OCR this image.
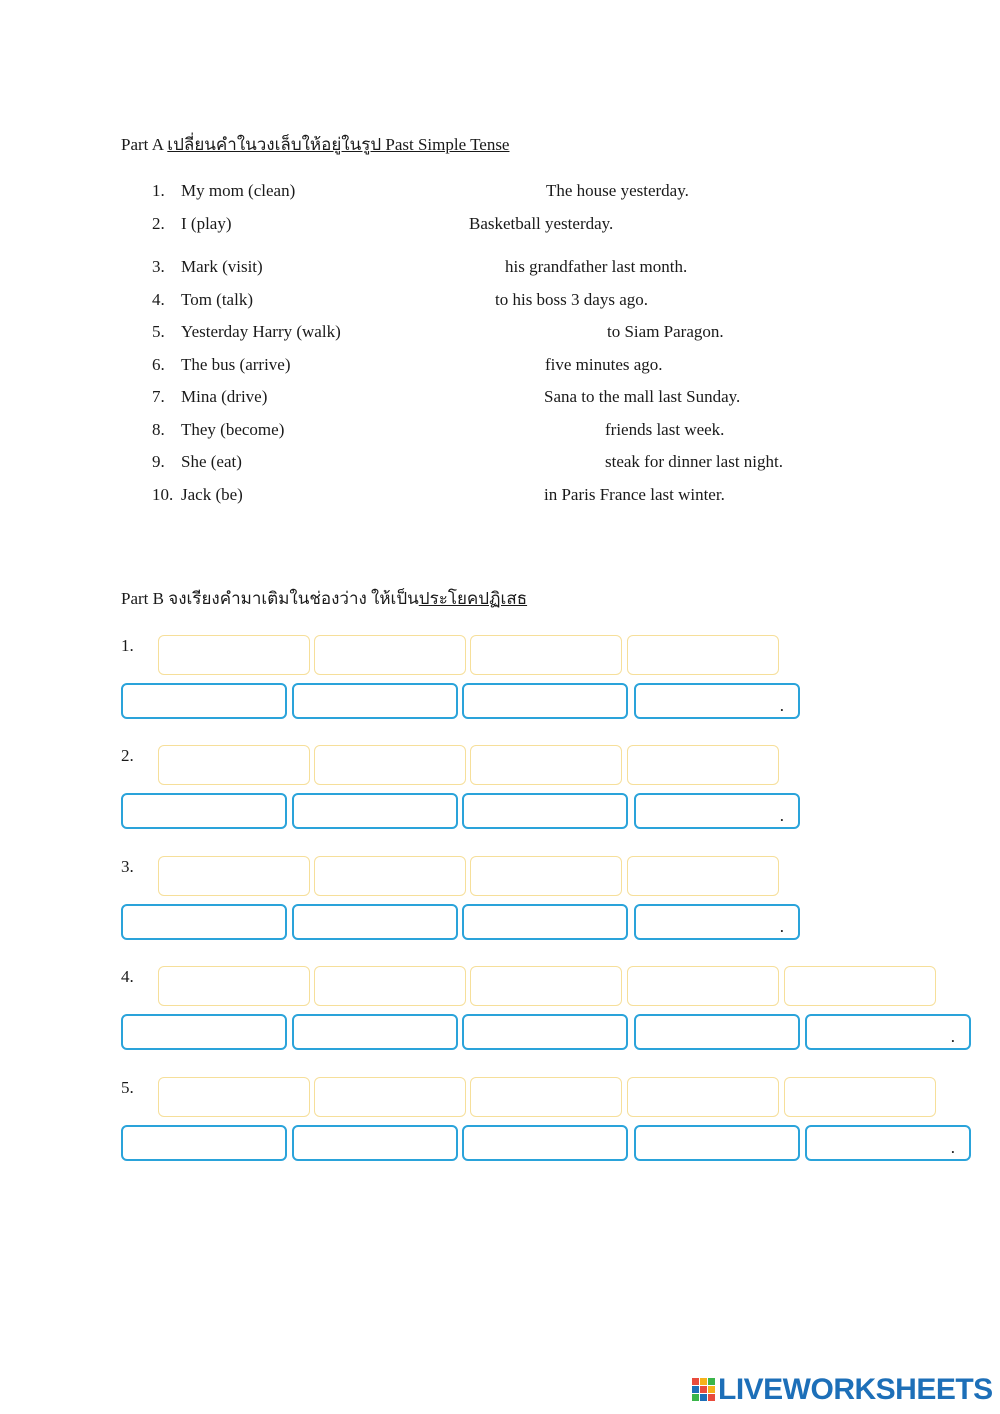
Part A เปลี่ยนคำในวงเล็บให้อยู่ในรูป Past Simple Tense
1. My mom (clean)	The house yesterday.
2. I (play)	Basketball yesterday.
3. Mark (visit)	his grandfather last month.
4. Tom (talk)	to his boss 3 days ago.
5. Yesterday Harry (walk)	to Siam Paragon.
6. The bus (arrive)	five minutes ago.
7. Mina (drive)	Sana to the mall last Sunday.
8. They (become)	friends last week.
9. She (eat)	steak for dinner last night.
10. Jack (be)	in Paris France last winter.
Part B จงเรียงคำมาเติมในช่องว่าง ให้เป็นประโยคปฏิเสธ
1.
.
2.
.
3.
.
4.
.
5.
.
LIVEWORKSHEETS
